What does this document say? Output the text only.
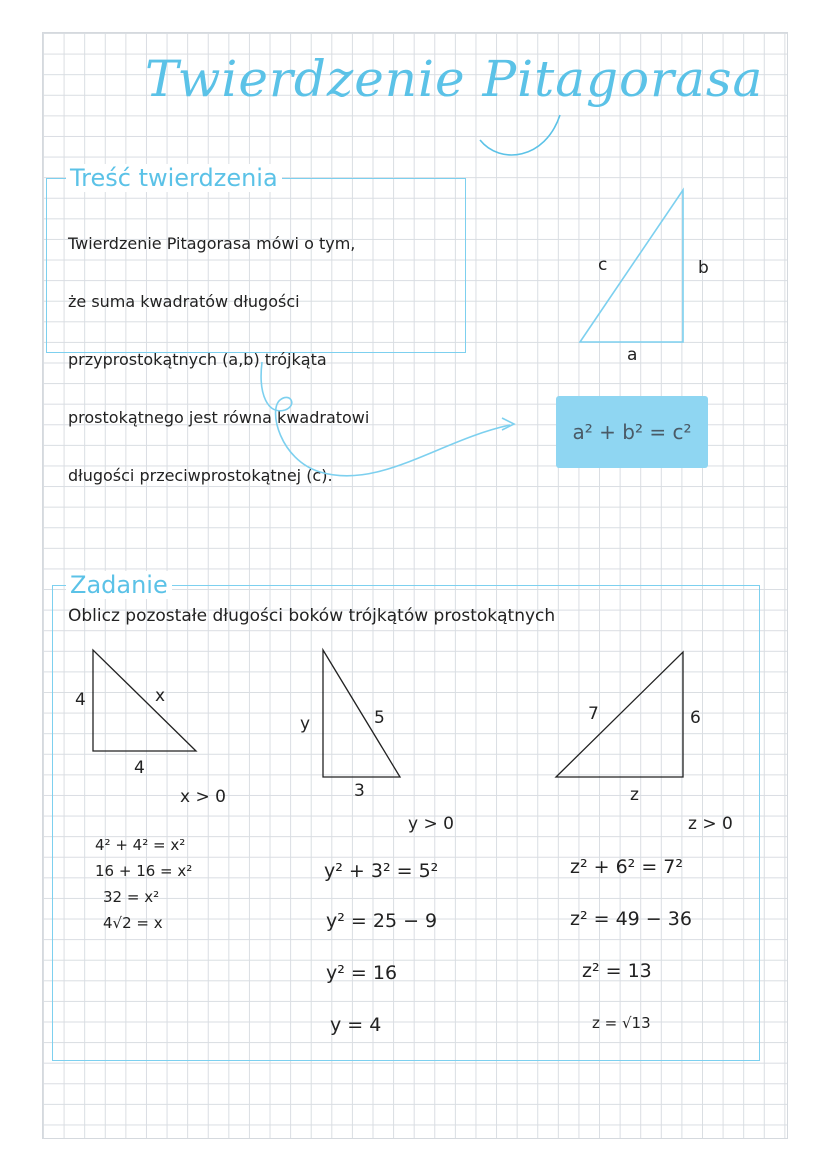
Twierdzenie Pitagorasa
Treść twierdzenia

Twierdzenie Pitagorasa mówi o tym,

że suma kwadratów długości

przyprostokątnych (a,b) trójkąta

prostokątnego jest równa kwadratowi

długości przeciwprostokątnej (c).

c	b
a
a² + b² = c²
Zadanie
Oblicz pozostałe długości boków trójkątów prostokątnych
4	x
4
x > 0
4² + 4² = x²
16 + 16 = x²
32 = x²
4√2 = x
y	5
3
y > 0
y² + 3² = 5²
y² = 25 − 9
y² = 16
y = 4
7	6
z
z > 0
z² + 6² = 7²
z² = 49 − 36
z² = 13
z = √13
